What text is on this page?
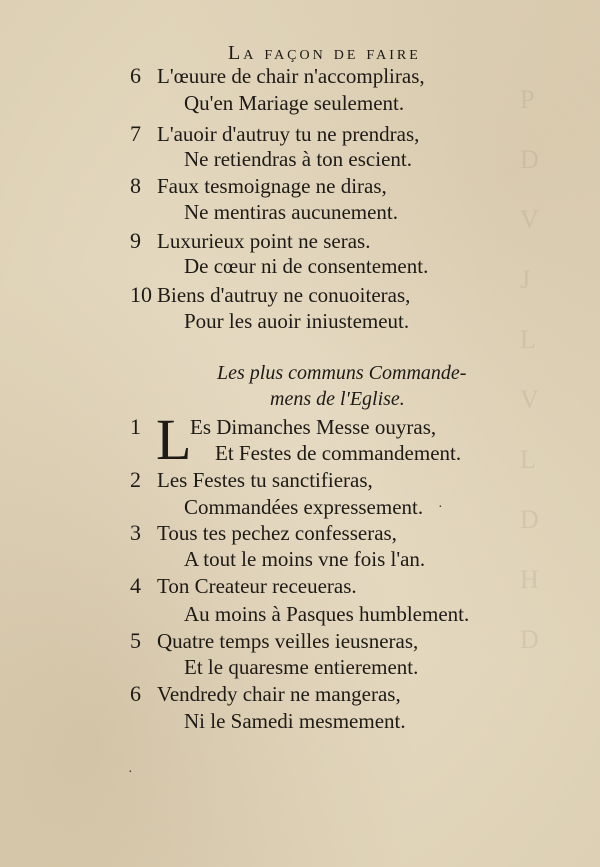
P
D
V
J
L
V
L
D
H
D
La façon de faire
6 L'œuure de chair n'accompliras,
Qu'en Mariage seulement.
7 L'auoir d'autruy tu ne prendras,
Ne retiendras à ton escient.
8 Faux tesmoignage ne diras,
Ne mentiras aucunement.
9 Luxurieux point ne seras.
De cœur ni de consentement.
10 Biens d'autruy ne conuoiteras,
Pour les auoir iniustemeut.
Les plus communs Commande-
mens de l'Eglise.
1	Es Dimanches Messe ouyras,
L Et Festes de commandement.
2 Les Festes tu sanctifieras,
Commandées expressement.
3 Tous tes pechez confesseras,
A tout le moins vne fois l'an.
4 Ton Createur receueras.
Au moins à Pasques humblement.
5 Quatre temps veilles ieusneras,
Et le quaresme entierement.
6 Vendredy chair ne mangeras,
Ni le Samedi mesmement.
·
·
